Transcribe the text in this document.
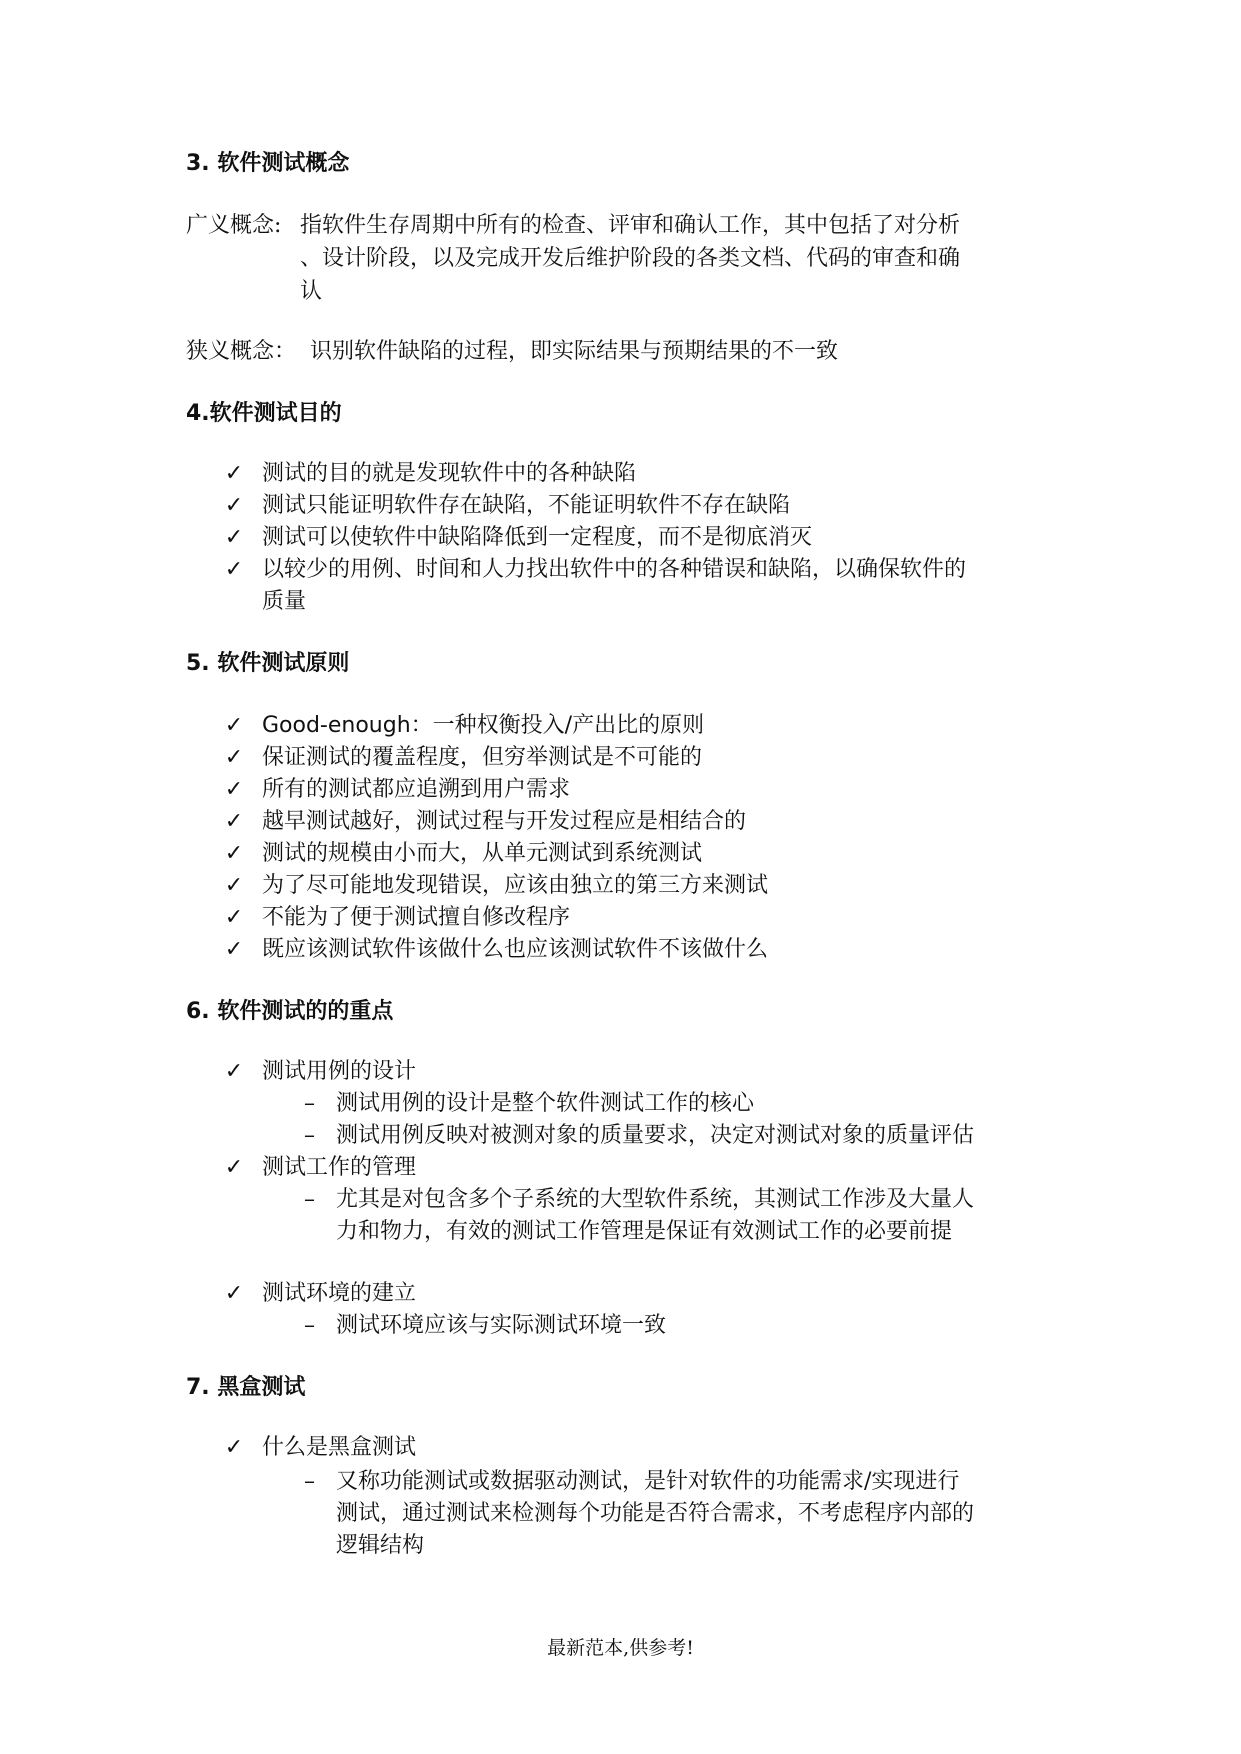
3. 软件测试概念
广义概念: 指软件生存周期中所有的检查、评审和确认工作，其中包括了对分析
、设计阶段，以及完成开发后维护阶段的各类文档、代码的审查和确
认
狭义概念： 识别软件缺陷的过程，即实际结果与预期结果的不一致
4.软件测试目的
✓ 测试的目的就是发现软件中的各种缺陷
✓ 测试只能证明软件存在缺陷，不能证明软件不存在缺陷
✓ 测试可以使软件中缺陷降低到一定程度，而不是彻底消灭
✓ 以较少的用例、时间和人力找出软件中的各种错误和缺陷，以确保软件的
质量
5. 软件测试原则
✓ Good-enough：一种权衡投入/产出比的原则
✓ 保证测试的覆盖程度，但穷举测试是不可能的
✓ 所有的测试都应追溯到用户需求
✓ 越早测试越好，测试过程与开发过程应是相结合的
✓ 测试的规模由小而大，从单元测试到系统测试
✓ 为了尽可能地发现错误，应该由独立的第三方来测试
✓ 不能为了便于测试擅自修改程序
✓ 既应该测试软件该做什么也应该测试软件不该做什么
6. 软件测试的的重点
✓ 测试用例的设计
– 测试用例的设计是整个软件测试工作的核心
– 测试用例反映对被测对象的质量要求，决定对测试对象的质量评估
✓ 测试工作的管理
– 尤其是对包含多个子系统的大型软件系统，其测试工作涉及大量人
力和物力，有效的测试工作管理是保证有效测试工作的必要前提
✓ 测试环境的建立
– 测试环境应该与实际测试环境一致
7. 黑盒测试
✓ 什么是黑盒测试
– 又称功能测试或数据驱动测试，是针对软件的功能需求/实现进行
测试，通过测试来检测每个功能是否符合需求，不考虑程序内部的
逻辑结构
最新范本,供参考!
